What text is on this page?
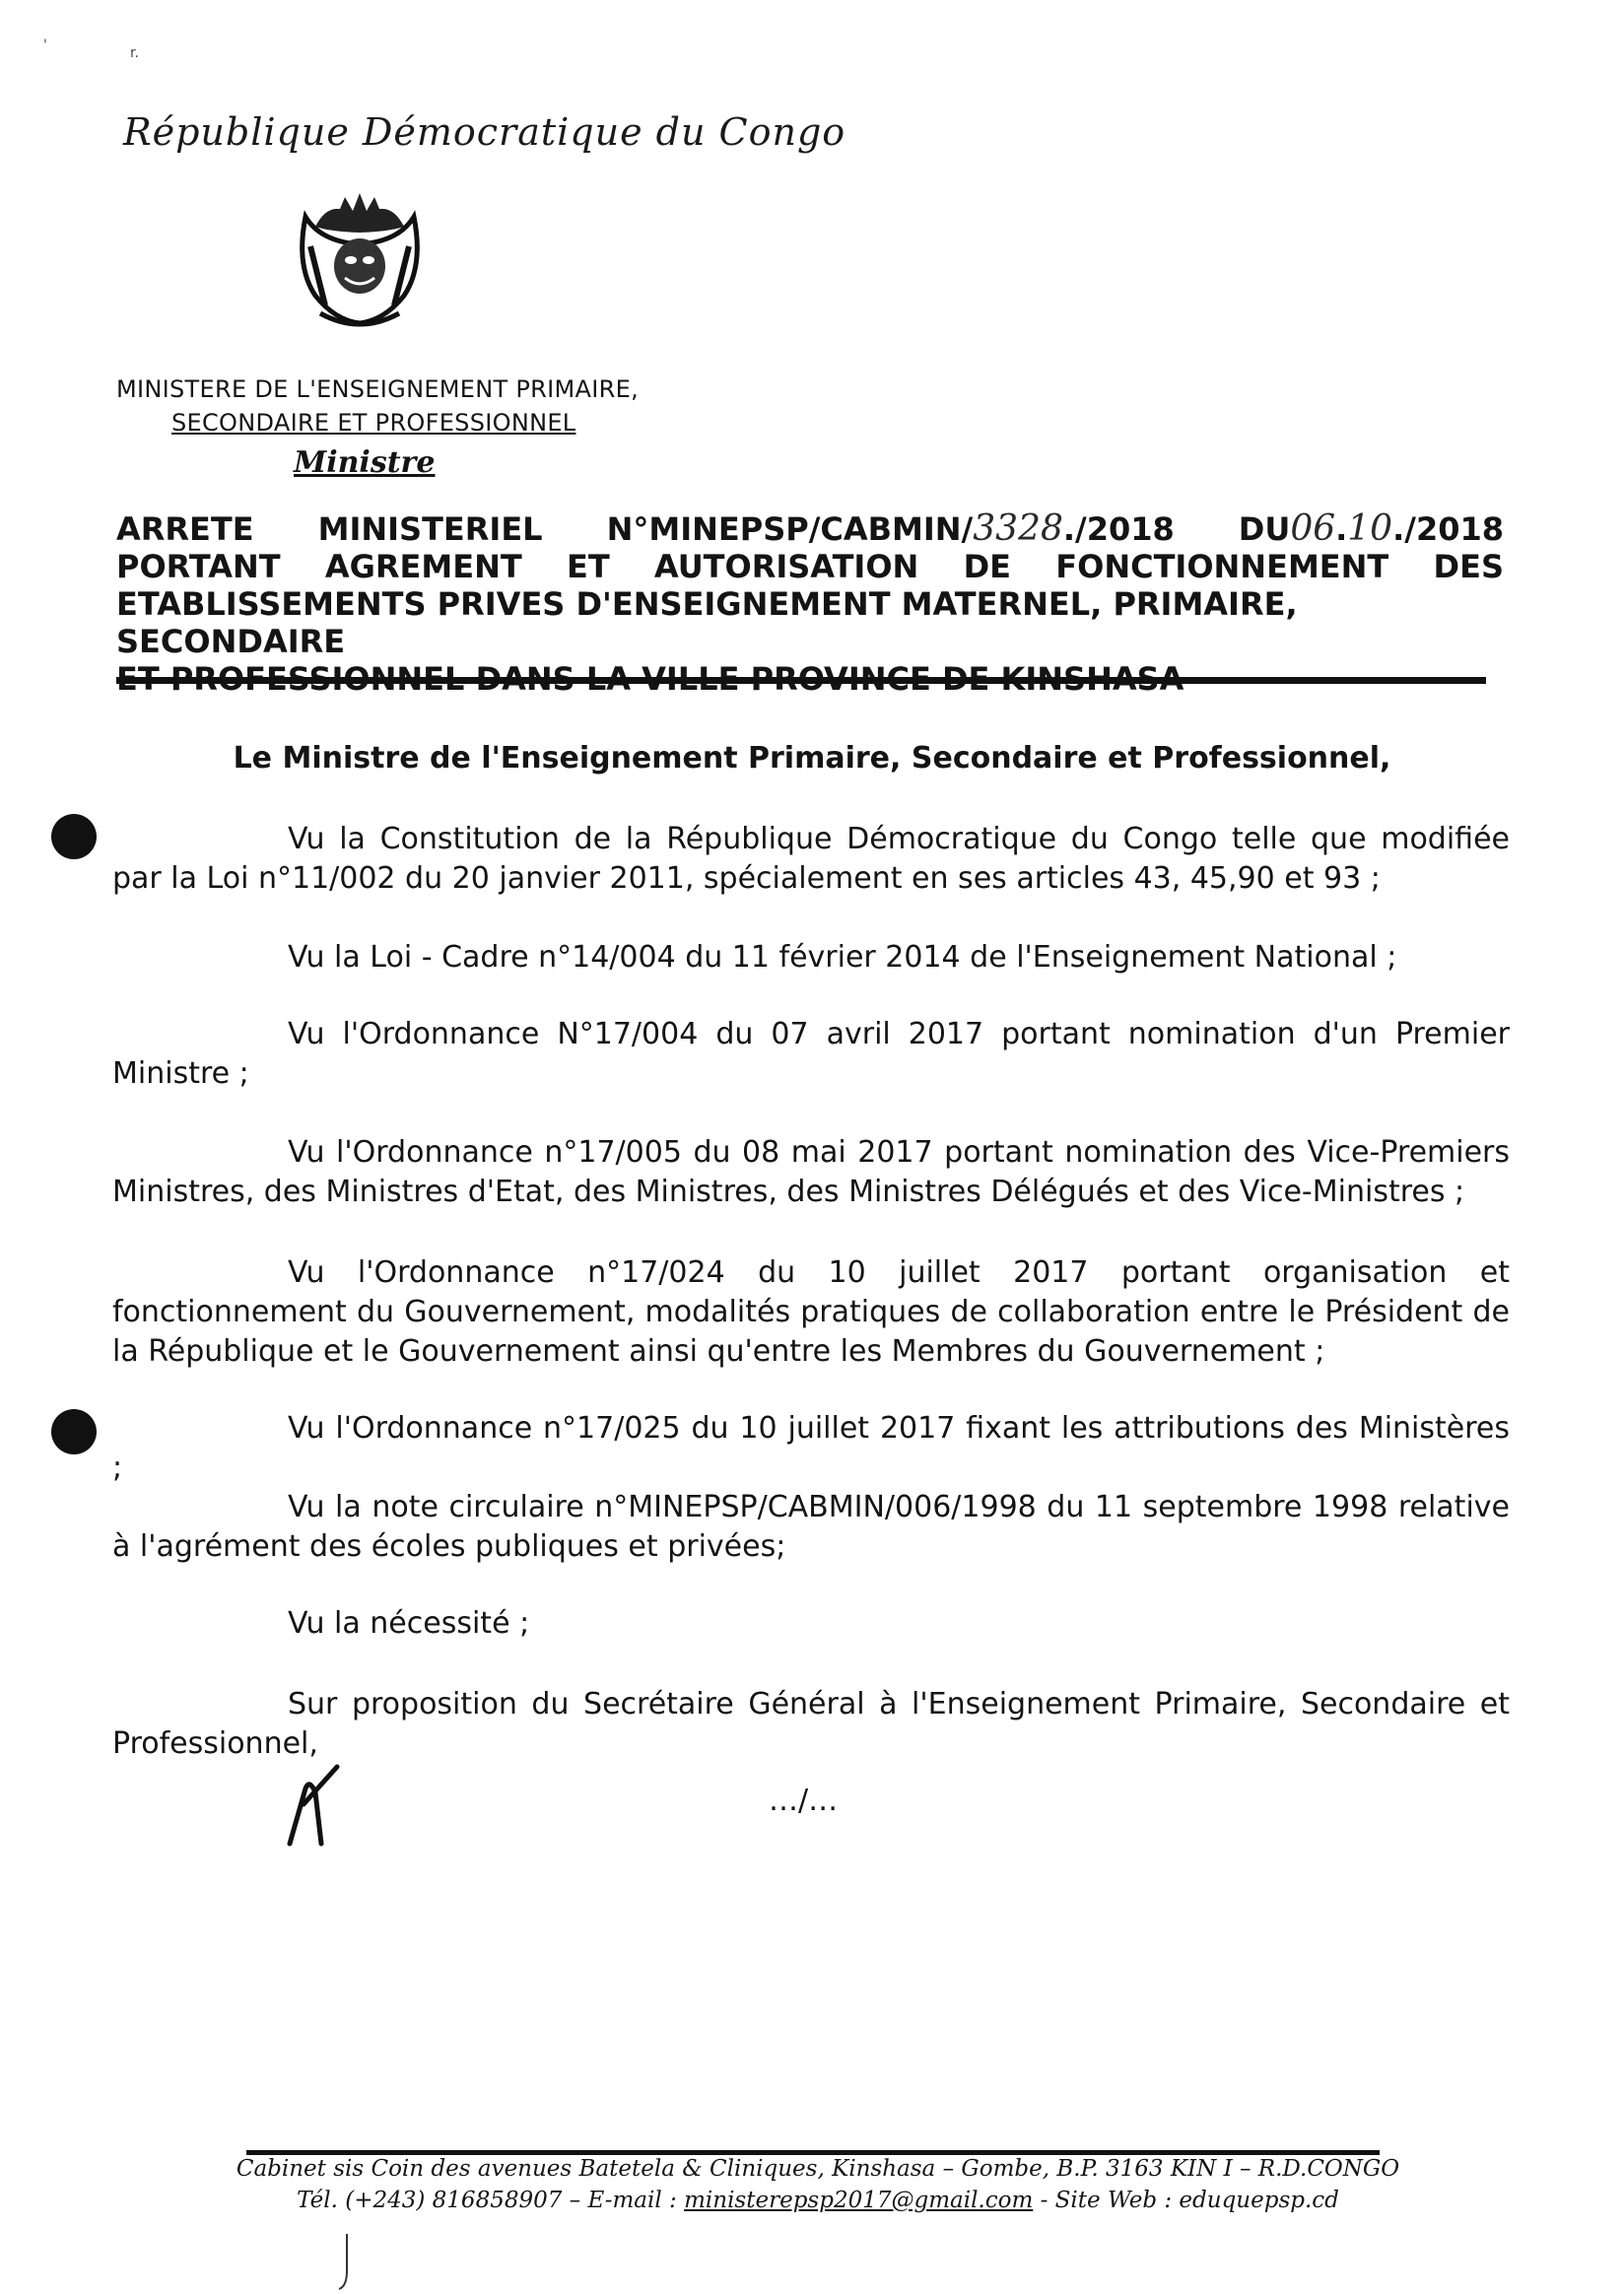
'	r.
République Démocratique du Congo
MINISTERE DE L'ENSEIGNEMENT PRIMAIRE,
SECONDAIRE ET PROFESSIONNEL
Ministre
ARRETE MINISTERIEL N°MINEPSP/CABMIN/3328./2018 DU06.10./2018
PORTANT AGREMENT ET AUTORISATION DE FONCTIONNEMENT DES
ETABLISSEMENTS PRIVES D'ENSEIGNEMENT MATERNEL, PRIMAIRE, SECONDAIRE
Le Ministre de l'Enseignement Primaire, Secondaire et Professionnel,

Vu la Constitution de la République Démocratique du Congo telle que modifiée par la Loi n°11/002 du 20 janvier 2011, spécialement en ses articles 43, 45,90 et 93 ;

Vu la Loi - Cadre n°14/004 du 11 février 2014 de l'Enseignement National ;

Vu l'Ordonnance N°17/004 du 07 avril 2017 portant nomination d'un Premier Ministre ;

Vu l'Ordonnance n°17/005 du 08 mai 2017 portant nomination des Vice-Premiers Ministres, des Ministres d'Etat, des Ministres, des Ministres Délégués et des Vice-Ministres ;

Vu l'Ordonnance n°17/024 du 10 juillet 2017 portant organisation et fonctionnement du Gouvernement, modalités pratiques de collaboration entre le Président de la République et le Gouvernement ainsi qu'entre les Membres du Gouvernement ;

Vu l'Ordonnance n°17/025 du 10 juillet 2017 fixant les attributions des Ministères ;

Vu la note circulaire n°MINEPSP/CABMIN/006/1998 du 11 septembre 1998 relative à l'agrément des écoles publiques et privées;

Vu la nécessité ;

Sur proposition du Secrétaire Général à l'Enseignement Primaire, Secondaire et Professionnel,

…/…
Cabinet sis Coin des avenues Batetela & Cliniques, Kinshasa – Gombe, B.P. 3163 KIN I – R.D.CONGO
Tél. (+243) 816858907 – E-mail : ministerepsp2017@gmail.com - Site Web : eduquepsp.cd
